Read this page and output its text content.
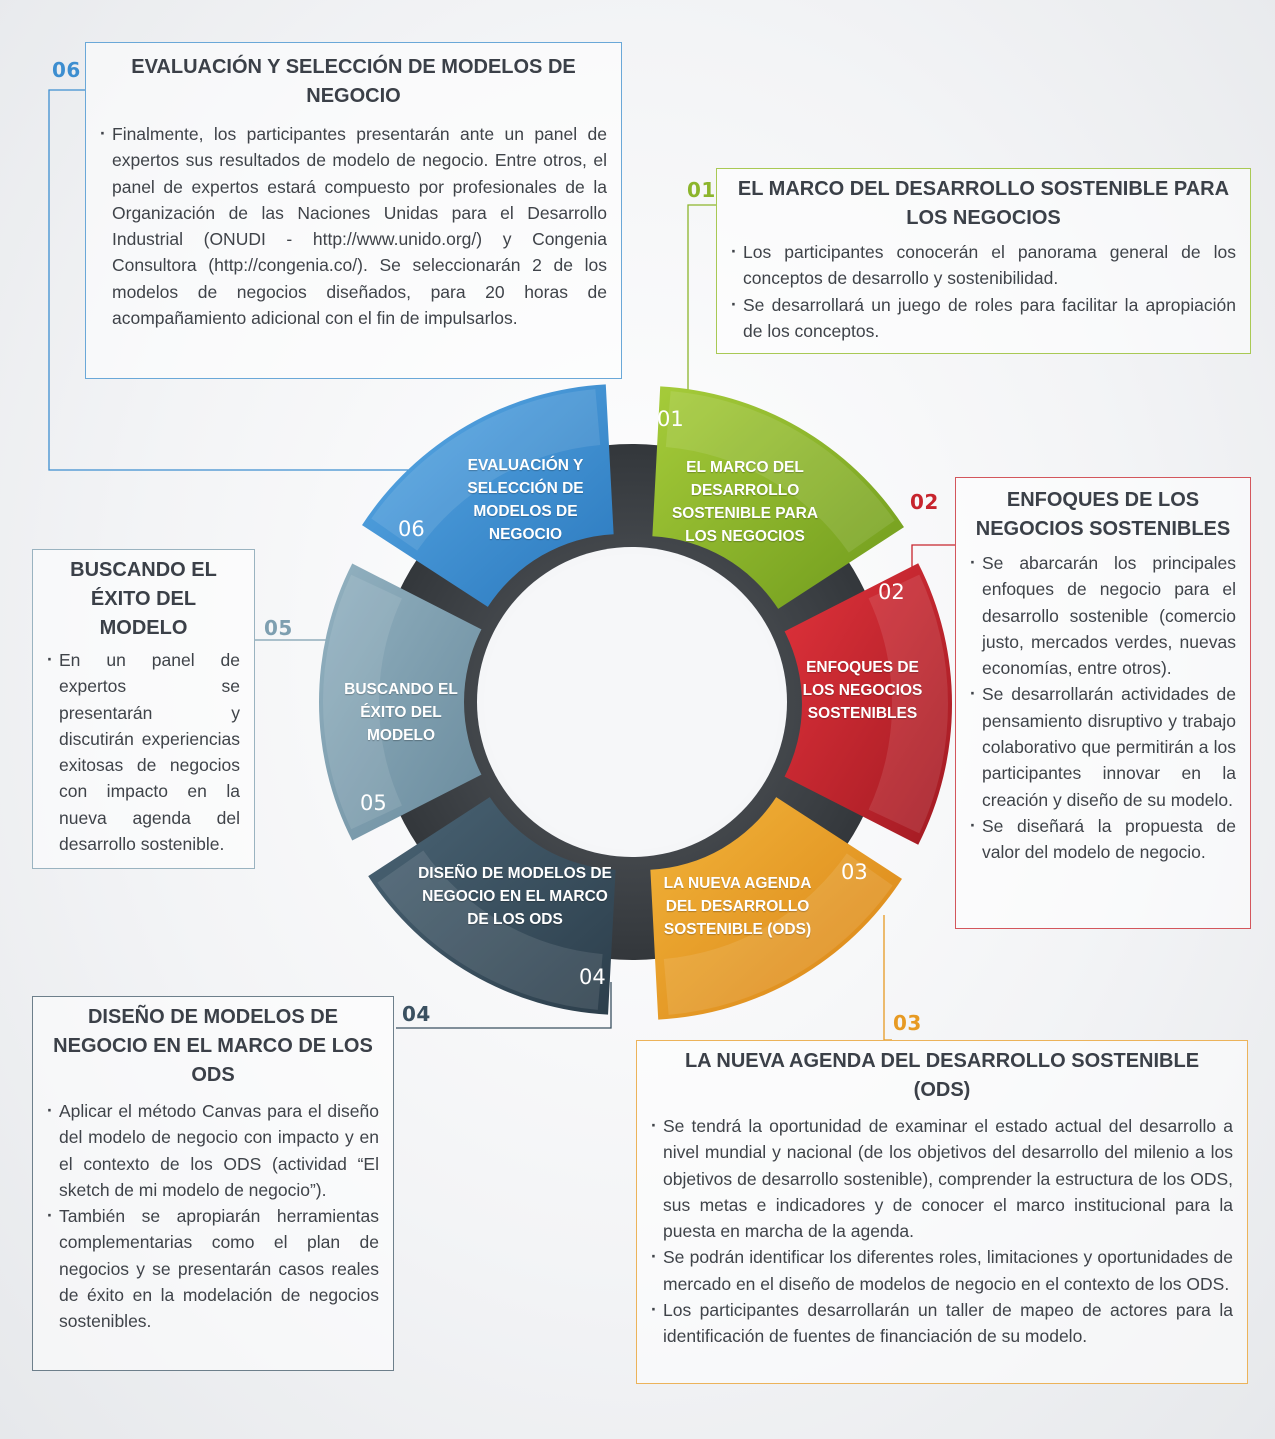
EL MARCO DEL DESARROLLO SOSTENIBLE PARA LOS NEGOCIOS
01
ENFOQUES DE LOS NEGOCIOS SOSTENIBLES
02
LA NUEVA AGENDA DEL DESARROLLO SOSTENIBLE (ODS)
03
DISEÑO DE MODELOS DE NEGOCIO EN EL MARCO DE LOS ODS
04
BUSCANDO EL ÉXITO DEL MODELO
05
EVALUACIÓN Y SELECCIÓN DE MODELOS DE NEGOCIO
06
06
01
02
05
04	03
EVALUACIÓN Y SELECCIÓN DE MODELOS DE NEGOCIO
· Finalmente, los participantes presentarán ante un panel de expertos sus resultados de modelo de negocio. Entre otros, el panel de expertos estará compuesto por profesionales de la Organización de las Naciones Unidas para el Desarrollo Industrial (ONUDI - http://www.unido.org/) y Congenia Consultora (http://congenia.co/). Se seleccionarán 2 de los modelos de negocios diseñados, para 20 horas de acompañamiento adicional con el fin de impulsarlos.
EL MARCO DEL DESARROLLO SOSTENIBLE PARA LOS NEGOCIOS
· Los participantes conocerán el panorama general de los conceptos de desarrollo y sostenibilidad.
· Se desarrollará un juego de roles para facilitar la apropiación de los conceptos.
ENFOQUES DE LOS NEGOCIOS SOSTENIBLES
· Se abarcarán los principales enfoques de negocio para el desarrollo sostenible (comercio justo, mercados verdes, nuevas economías, entre otros).
· Se desarrollarán actividades de pensamiento disruptivo y trabajo colaborativo que permitirán a los participantes innovar en la creación y diseño de su modelo.
· Se diseñará la propuesta de valor del modelo de negocio.
BUSCANDO EL ÉXITO DEL MODELO
· En un panel de expertos se presentarán y discutirán experiencias exitosas de negocios con impacto en la nueva agenda del desarrollo sostenible.
DISEÑO DE MODELOS DE NEGOCIO EN EL MARCO DE LOS ODS
· Aplicar el método Canvas para el diseño del modelo de negocio con impacto y en el contexto de los ODS (actividad “El sketch de mi modelo de negocio”).
· También se apropiarán herramientas complementarias como el plan de negocios y se presentarán casos reales de éxito en la modelación de negocios sostenibles.
LA NUEVA AGENDA DEL DESARROLLO SOSTENIBLE (ODS)
· Se tendrá la oportunidad de examinar el estado actual del desarrollo a nivel mundial y nacional (de los objetivos del desarrollo del milenio a los objetivos de desarrollo sostenible), comprender la estructura de los ODS, sus metas e indicadores y de conocer el marco institucional para la puesta en marcha de la agenda.
· Se podrán identificar los diferentes roles, limitaciones y oportunidades de mercado en el diseño de modelos de negocio en el contexto de los ODS.
· Los participantes desarrollarán un taller de mapeo de actores para la identificación de fuentes de financiación de su modelo.
